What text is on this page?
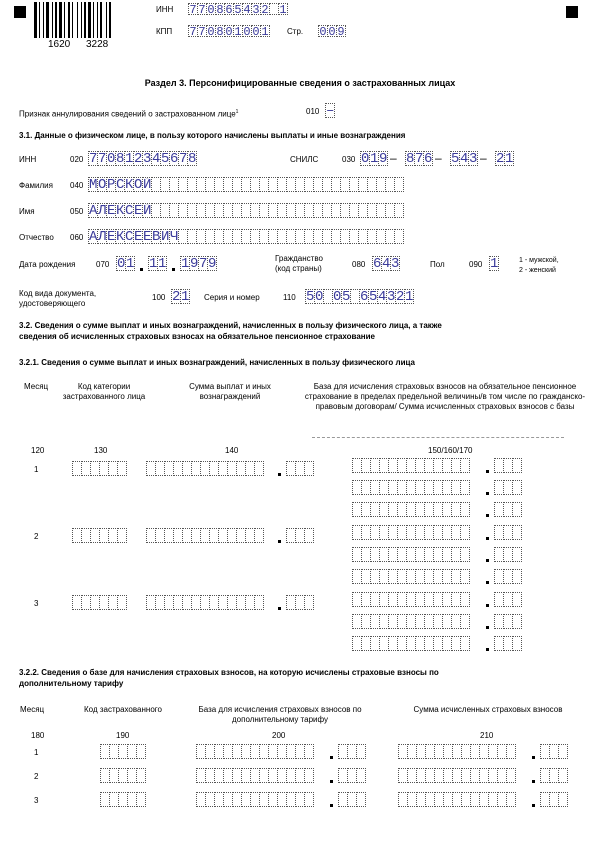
1620 3228
ИНН 7 7 0 8 6 5 4 3 2 1
КПП 7 7 0 8 0 1 0 0 1 Стр. 0 0 9
Раздел 3. Персонифицированные сведения о застрахованных лицах
Признак аннулирования сведений о застрахованном лице$^1$	010 –
3.1. Данные о физическом лице, в пользу которого начислены выплаты и иные вознаграждения
ИНН	020 7 7 0 8 1 2 3 4 5 6 7 8	СНИЛС	030 0 1 9 – 8 7 6 – 5 4 3 – 2 1
Фамилия 040 М О Р С К О Й
Имя	050 А Л Е К С Е Й
Отчество 060 А Л Е К С Е Е В И Ч
Дата рождения	070 0 1 1 1 1 9 7 9	Гражданство
(код страны)	080 6 4 3	Пол	090 1	1 - мужской,
2 - женский
Код вида документа,
удостоверяющего
100 2 1 Серия и номер	110 5 0 0 5 6 5 4 3 2 1
3.2. Сведения о сумме выплат и иных вознаграждений, начисленных в пользу физического лица, а также
сведения об исчисленных страховых взносах на обязательное пенсионное страхование
3.2.1. Сведения о сумме выплат и иных вознаграждений, начисленных в пользу физического лица
Месяц	Код категории застрахованного лица
Сумма выплат и иных вознаграждений
База для исчисления страховых взносов на обязательное пенсионное страхование в пределах предельной величины/в том числе по гражданско-правовым договорам/ Сумма исчисленных страховых взносов с базы
120	130	140	150/160/170
1
2
3
3.2.2. Сведения о базе для начисления страховых взносов, на которую исчислены страховые взносы по
дополнительному тарифу
Месяц	Код застрахованного	База для исчисления страховых взносов по дополнительному тарифу
Сумма исчисленных страховых взносов
180	190	200	210
1
2
3
